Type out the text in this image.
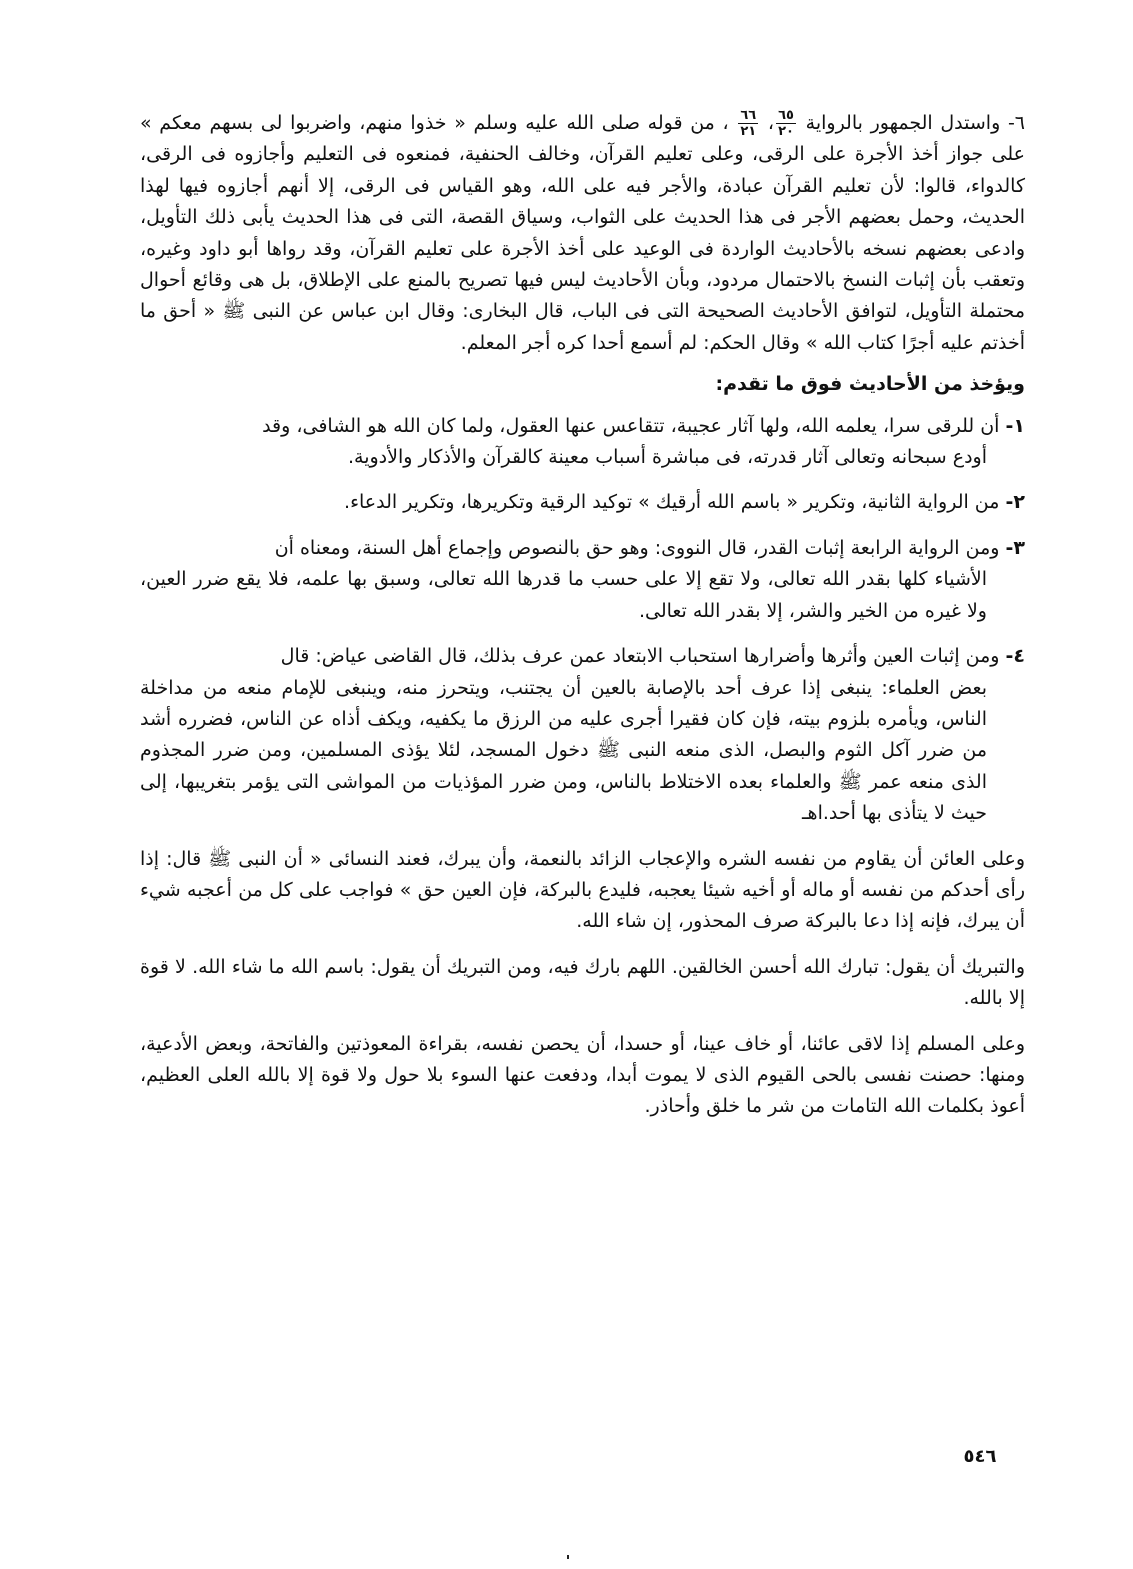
٦- واستدل الجمهور بالرواية
$\frac{٦٥}{٢٠}$
،
$\frac{٦٦}{٢١}$
، من قوله صلى الله عليه وسلم « خذوا منهم، واضربوا لى بسهم معكم » على جواز أخذ الأجرة على الرقى، وعلى تعليم القرآن، وخالف الحنفية، فمنعوه فى التعليم وأجازوه فى الرقى، كالدواء، قالوا: لأن تعليم القرآن عبادة، والأجر فيه على الله، وهو القياس فى الرقى، إلا أنهم أجازوه فيها لهذا الحديث، وحمل بعضهم الأجر فى هذا الحديث على الثواب، وسياق القصة، التى فى هذا الحديث يأبى ذلك التأويل، وادعى بعضهم نسخه بالأحاديث الواردة فى الوعيد على أخذ الأجرة على تعليم القرآن، وقد رواها أبو داود وغيره، وتعقب بأن إثبات النسخ بالاحتمال مردود، وبأن الأحاديث ليس فيها تصريح بالمنع على الإطلاق، بل هى وقائع أحوال محتملة التأويل، لتوافق الأحاديث الصحيحة التى فى الباب، قال البخارى: وقال ابن عباس عن النبى ﷺ « أحق ما أخذتم عليه أجرًا كتاب الله » وقال الحكم: لم أسمع أحدا كره أجر المعلم.

ويؤخذ من الأحاديث فوق ما تقدم:

١- أن للرقى سرا، يعلمه الله، ولها آثار عجيبة، تتقاعس عنها العقول، ولما كان الله هو الشافى، وقد
أودع سبحانه وتعالى آثار قدرته، فى مباشرة أسباب معينة كالقرآن والأذكار والأدوية.
٢- من الرواية الثانية، وتكرير « باسم الله أرقيك » توكيد الرقية وتكريرها، وتكرير الدعاء.
٣- ومن الرواية الرابعة إثبات القدر، قال النووى: وهو حق بالنصوص وإجماع أهل السنة، ومعناه أن
الأشياء كلها بقدر الله تعالى، ولا تقع إلا على حسب ما قدرها الله تعالى، وسبق بها علمه، فلا يقع ضرر العين، ولا غيره من الخير والشر، إلا بقدر الله تعالى.
٤- ومن إثبات العين وأثرها وأضرارها استحباب الابتعاد عمن عرف بذلك، قال القاضى عياض: قال
بعض العلماء: ينبغى إذا عرف أحد بالإصابة بالعين أن يجتنب، ويتحرز منه، وينبغى للإمام منعه من مداخلة الناس، ويأمره بلزوم بيته، فإن كان فقيرا أجرى عليه من الرزق ما يكفيه، ويكف أذاه عن الناس، فضرره أشد من ضرر آكل الثوم والبصل، الذى منعه النبى ﷺ دخول المسجد، لئلا يؤذى المسلمين، ومن ضرر المجذوم الذى منعه عمر ﷺ والعلماء بعده الاختلاط بالناس، ومن ضرر المؤذيات من المواشى التى يؤمر بتغريبها، إلى حيث لا يتأذى بها أحد.اهـ

وعلى العائن أن يقاوم من نفسه الشره والإعجاب الزائد بالنعمة، وأن يبرك، فعند النسائى « أن النبى ﷺ قال: إذا رأى أحدكم من نفسه أو ماله أو أخيه شيئا يعجبه، فليدع بالبركة، فإن العين حق » فواجب على كل من أعجبه شيء أن يبرك، فإنه إذا دعا بالبركة صرف المحذور، إن شاء الله.

والتبريك أن يقول: تبارك الله أحسن الخالقين. اللهم بارك فيه، ومن التبريك أن يقول: باسم الله ما شاء الله. لا قوة إلا بالله.

وعلى المسلم إذا لاقى عائنا، أو خاف عينا، أو حسدا، أن يحصن نفسه، بقراءة المعوذتين والفاتحة، وبعض الأدعية، ومنها: حصنت نفسى بالحى القيوم الذى لا يموت أبدا، ودفعت عنها السوء بلا حول ولا قوة إلا بالله العلى العظيم، أعوذ بكلمات الله التامات من شر ما خلق وأحاذر.

٥٤٦
